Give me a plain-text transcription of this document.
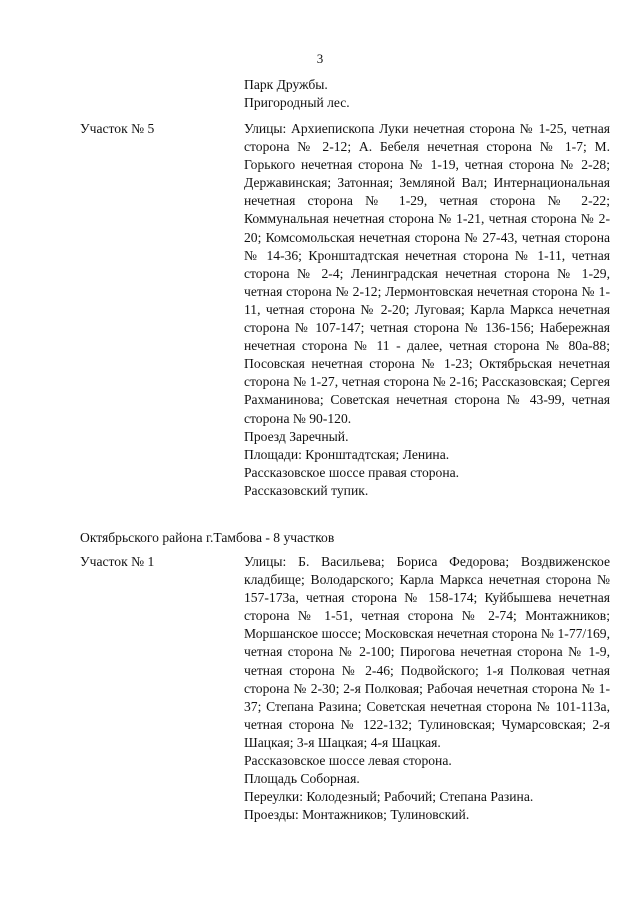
3

Парк Дружбы.

Пригородный лес.

Участок № 5	Улицы: Архиепископа Луки нечетная сторона № 1-25, четная сторона № 2-12; А. Бебеля нечетная сторона № 1-7; М. Горького нечетная сторона № 1-19, четная сторона № 2-28; Державинская; Затонная; Земляной Вал; Интернациональная нечетная сторона № 1-29, четная сторона № 2-22; Коммунальная нечетная сторона № 1-21, четная сторона № 2-20; Комсомольская нечетная сторона № 27-43, четная сторона № 14-36; Кронштадтская нечетная сторона № 1-11, четная сторона № 2-4; Ленинградская нечетная сторона № 1-29, четная сторона № 2-12; Лермонтовская нечетная сторона № 1-11, четная сторона № 2-20; Луговая; Карла Маркса нечетная сторона № 107-147; четная сторона № 136-156; Набережная нечетная сторона № 11 - далее, четная сторона № 80а-88; Посовская нечетная сторона № 1-23; Октябрьская нечетная сторона № 1-27, четная сторона № 2-16; Рассказовская; Сергея Рахманинова; Советская нечетная сторона № 43-99, четная сторона № 90-120.

Проезд Заречный.

Площади: Кронштадтская; Ленина.

Рассказовское шоссе правая сторона.

Рассказовский тупик.

Октябрьского района г.Тамбова - 8 участков
Участок № 1	Улицы: Б. Васильева; Бориса Федорова; Воздвиженское кладбище; Володарского; Карла Маркса нечетная сторона № 157-173а, четная сторона № 158-174; Куйбышева нечетная сторона № 1-51, четная сторона № 2-74; Монтажников; Моршанское шоссе; Московская нечетная сторона № 1-77/169, четная сторона № 2-100; Пирогова нечетная сторона № 1-9, четная сторона № 2-46; Подвойского; 1-я Полковая четная сторона № 2-30; 2-я Полковая; Рабочая нечетная сторона № 1-37; Степана Разина; Советская нечетная сторона № 101-113а, четная сторона № 122-132; Тулиновская; Чумарсовская; 2-я Шацкая; 3-я Шацкая; 4-я Шацкая.

Рассказовское шоссе левая сторона.

Площадь Соборная.

Переулки: Колодезный; Рабочий; Степана Разина.

Проезды: Монтажников; Тулиновский.
